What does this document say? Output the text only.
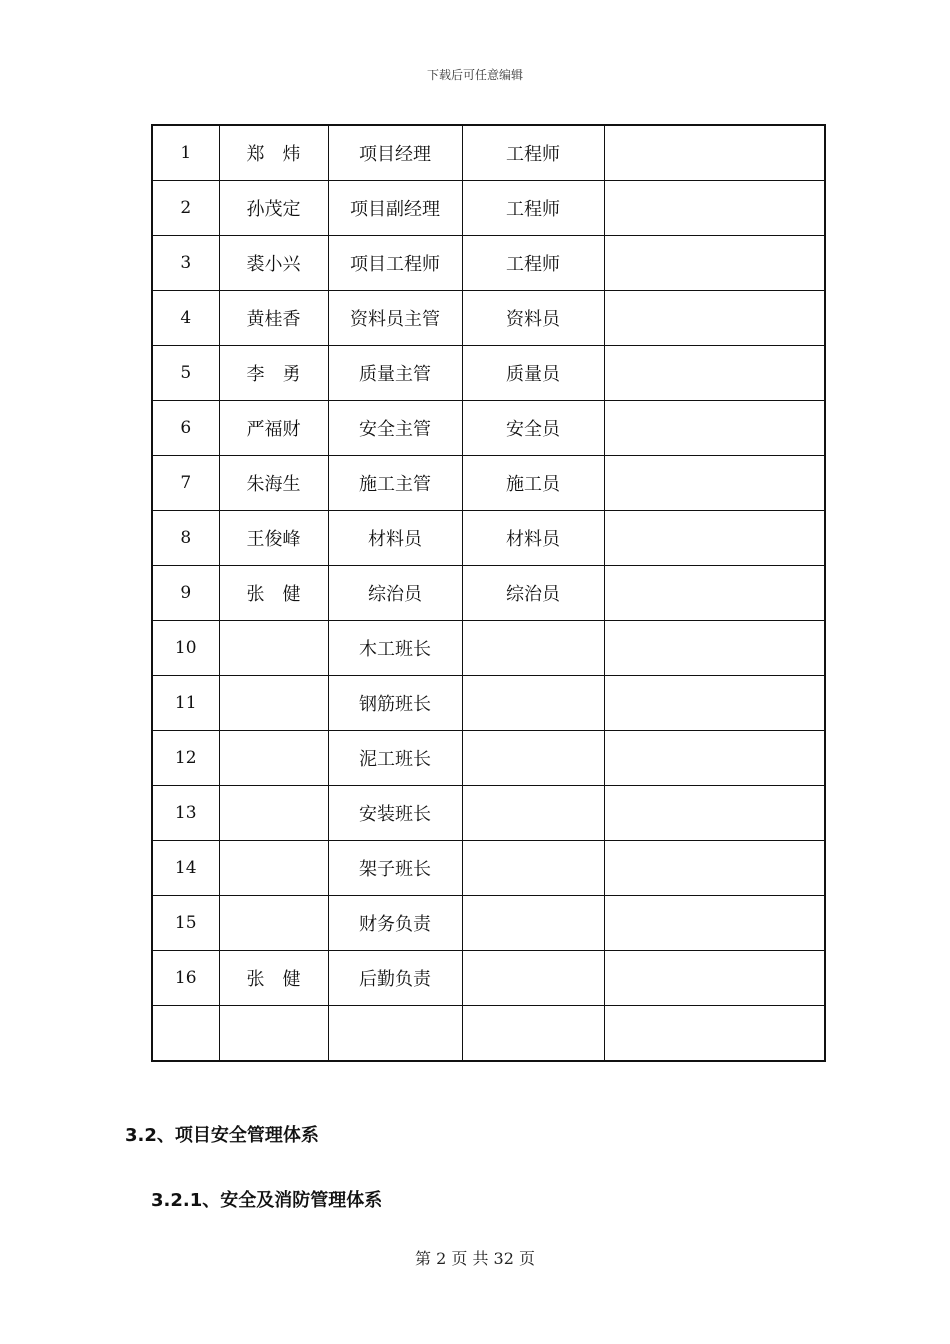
下载后可任意编辑
1	郑　炜	项目经理	工程师	
2	孙茂定	项目副经理	工程师	
3	裘小兴	项目工程师	工程师	
4	黄桂香	资料员主管	资料员	
5	李　勇	质量主管	质量员	
6	严福财	安全主管	安全员	
7	朱海生	施工主管	施工员	
8	王俊峰	材料员	材料员	
9	张　健	综治员	综治员	
10		木工班长		
11		钢筋班长		
12		泥工班长		
13		安装班长		
14		架子班长		
15		财务负责		
16	张　健	后勤负责		

3.2、项目安全管理体系
3.2.1、安全及消防管理体系
第 2 页 共 32 页
